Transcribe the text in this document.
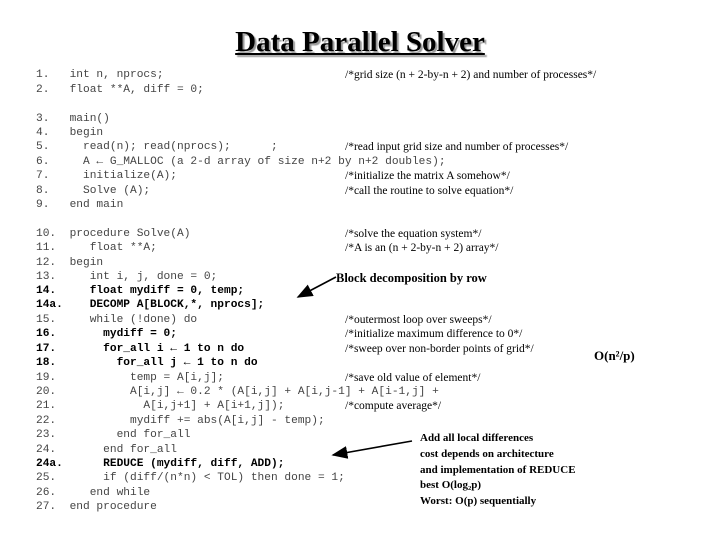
Data Parallel Solver
1.   int n, nprocs;	/*grid size (n + 2-by-n + 2) and number of processes*/
2.   float **A, diff = 0;
3.   main()
4.   begin
5.     read(n); read(nprocs);      ;	/*read input grid size and number of processes*/
6.     A ← G_MALLOC (a 2-d array of size n+2 by n+2 doubles);
7.     initialize(A);	/*initialize the matrix A somehow*/
8.     Solve (A);	/*call the routine to solve equation*/
9.   end main
10.  procedure Solve(A)	/*solve the equation system*/
11.     float **A;	/*A is an (n + 2-by-n + 2) array*/
12.  begin
13.     int i, j, done = 0;
14.     float mydiff = 0, temp;
14a.    DECOMP A[BLOCK,*, nprocs];
15.     while (!done) do	/*outermost loop over sweeps*/
16.       mydiff = 0;	/*initialize maximum difference to 0*/
17.       for_all i ← 1 to n do	/*sweep over non-border points of grid*/
18.         for_all j ← 1 to n do
19.           temp = A[i,j];	/*save old value of element*/
20.           A[i,j] ← 0.2 * (A[i,j] + A[i,j-1] + A[i-1,j] +
21.             A[i,j+1] + A[i+1,j]);	/*compute average*/
22.           mydiff += abs(A[i,j] - temp);
23.         end for_all
24.       end for_all
24a.      REDUCE (mydiff, diff, ADD);
25.       if (diff/(n*n) < TOL) then done = 1;
26.     end while
27.  end procedure
Block decomposition by row
O(n²/p)
Add all local differences
cost depends on architecture
and implementation of REDUCE
best O(log₂p)
Worst: O(p) sequentially
